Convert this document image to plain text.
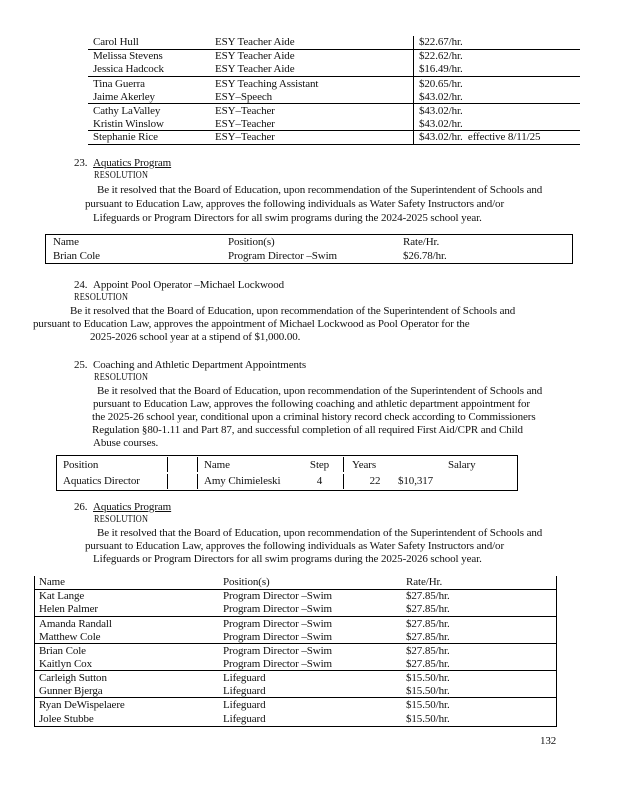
Carol Hull	ESY Teacher Aide	$22.67/hr.
Melissa Stevens	ESY Teacher Aide	$22.62/hr.
Jessica Hadcock	ESY Teacher Aide	$16.49/hr.
Tina Guerra	ESY Teaching Assistant	$20.65/hr.
Jaime Akerley	ESY–Speech	$43.02/hr.
Cathy LaValley	ESY–Teacher	$43.02/hr.
Kristin Winslow	ESY–Teacher	$43.02/hr.
Stephanie Rice	ESY–Teacher	$43.02/hr.  effective 8/11/25
23. Aquatics Program
RESOLUTION
Be it resolved that the Board of Education, upon recommendation of the Superintendent of Schools and
pursuant to Education Law, approves the following individuals as Water Safety Instructors and/or
Lifeguards or Program Directors for all swim programs during the 2024-2025 school year.
Name	Position(s)	Rate/Hr.
Brian Cole	Program Director –Swim	$26.78/hr.
24. Appoint Pool Operator –Michael Lockwood
RESOLUTION
Be it resolved that the Board of Education, upon recommendation of the Superintendent of Schools and
pursuant to Education Law, approves the appointment of Michael Lockwood as Pool Operator for the
2025-2026 school year at a stipend of $1,000.00.
25. Coaching and Athletic Department Appointments
RESOLUTION
Be it resolved that the Board of Education, upon recommendation of the Superintendent of Schools and
pursuant to Education Law, approves the following coaching and athletic department appointment for
the 2025-26 school year, conditional upon a criminal history record check according to Commissioners
Regulation §80-1.11 and Part 87, and successful completion of all required First Aid/CPR and Child
Abuse courses.
Position	Name	Step	Years	Salary
Aquatics Director	Amy Chimieleski	4	22	$10,317
26. Aquatics Program
RESOLUTION
Be it resolved that the Board of Education, upon recommendation of the Superintendent of Schools and
pursuant to Education Law, approves the following individuals as Water Safety Instructors and/or
Lifeguards or Program Directors for all swim programs during the 2025-2026 school year.
Name	Position(s)	Rate/Hr.
Kat Lange	Program Director –Swim	$27.85/hr.
Helen Palmer	Program Director –Swim	$27.85/hr.
Amanda Randall	Program Director –Swim	$27.85/hr.
Matthew Cole	Program Director –Swim	$27.85/hr.
Brian Cole	Program Director –Swim	$27.85/hr.
Kaitlyn Cox	Program Director –Swim	$27.85/hr.
Carleigh Sutton	Lifeguard	$15.50/hr.
Gunner Bjerga	Lifeguard	$15.50/hr.
Ryan DeWispelaere	Lifeguard	$15.50/hr.
Jolee Stubbe	Lifeguard	$15.50/hr.
132
